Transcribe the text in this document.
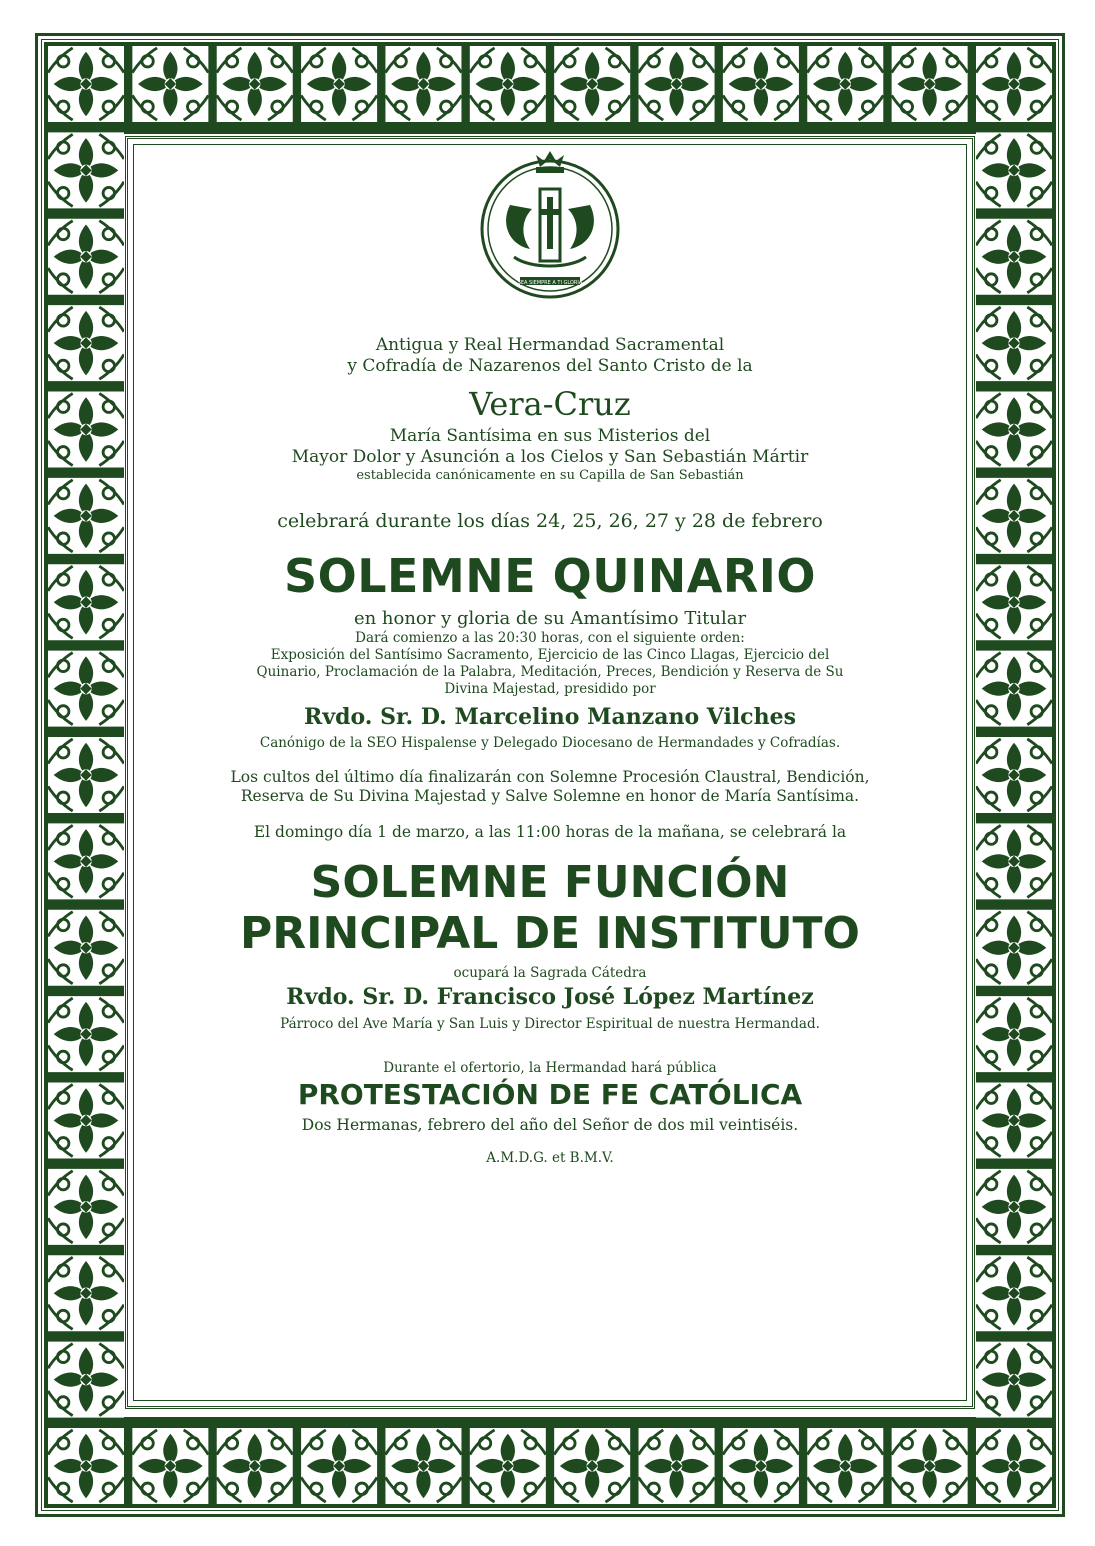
SEA SIEMPRE A TI GLORIA

Antigua y Real Hermandad Sacramental

y Cofradía de Nazarenos del Santo Cristo de la

Vera-Cruz

María Santísima en sus Misterios del

Mayor Dolor y Asunción a los Cielos y San Sebastián Mártir

establecida canónicamente en su Capilla de San Sebastián

celebrará durante los días 24, 25, 26, 27 y 28 de febrero

SOLEMNE QUINARIO

en honor y gloria de su Amantísimo Titular

Dará comienzo a las 20:30 horas, con el siguiente orden:

Exposición del Santísimo Sacramento, Ejercicio de las Cinco Llagas, Ejercicio del

Quinario, Proclamación de la Palabra, Meditación, Preces, Bendición y Reserva de Su

Divina Majestad, presidido por

Rvdo. Sr. D. Marcelino Manzano Vilches

Canónigo de la SEO Hispalense y Delegado Diocesano de Hermandades y Cofradías.

Los cultos del último día finalizarán con Solemne Procesión Claustral, Bendición,

Reserva de Su Divina Majestad y Salve Solemne en honor de María Santísima.

El domingo día 1 de marzo, a las 11:00 horas de la mañana, se celebrará la

SOLEMNE FUNCIÓN
PRINCIPAL DE INSTITUTO

ocupará la Sagrada Cátedra

Rvdo. Sr. D. Francisco José López Martínez

Párroco del Ave María y San Luis y Director Espiritual de nuestra Hermandad.

Durante el ofertorio, la Hermandad hará pública

PROTESTACIÓN DE FE CATÓLICA

Dos Hermanas, febrero del año del Señor de dos mil veintiséis.

A.M.D.G. et B.M.V.
